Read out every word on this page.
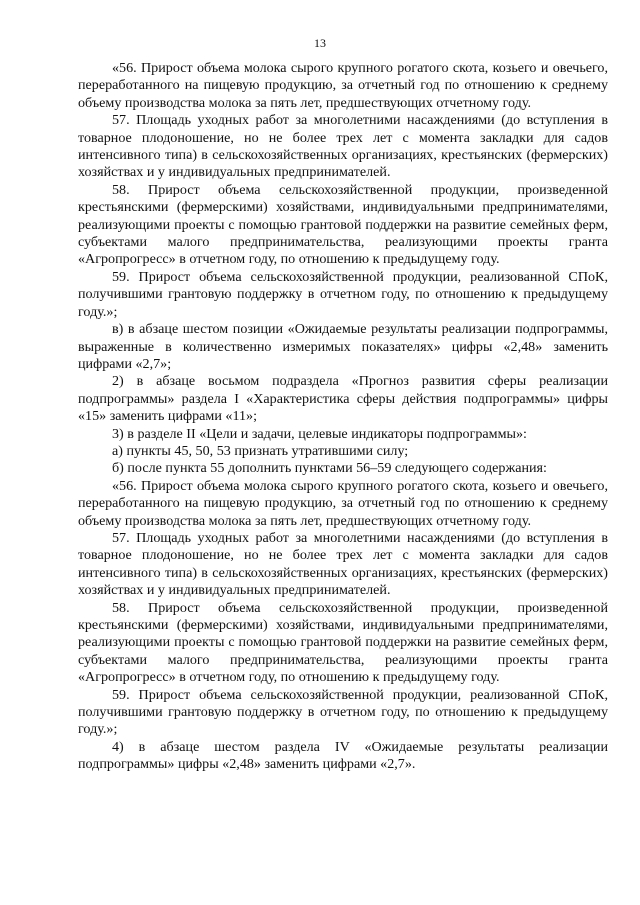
13

«56. Прирост объема молока сырого крупного рогатого скота, козьего и овечьего, переработанного на пищевую продукцию, за отчетный год по отношению к среднему объему производства молока за пять лет, предшествующих отчетному году.

57. Площадь уходных работ за многолетними насаждениями (до вступления в товарное плодоношение, но не более трех лет с момента закладки для садов интенсивного типа) в сельскохозяйственных организациях, крестьянских (фермерских) хозяйствах и у индивидуальных предпринимателей.

58. Прирост объема сельскохозяйственной продукции, произведенной крестьянскими (фермерскими) хозяйствами, индивидуальными предпринимателями, реализующими проекты с помощью грантовой поддержки на развитие семейных ферм, субъектами малого предпринимательства, реализующими проекты гранта «Агропрогресс» в отчетном году, по отношению к предыдущему году.

59. Прирост объема сельскохозяйственной продукции, реализованной СПоК, получившими грантовую поддержку в отчетном году, по отношению к предыдущему году.»;

в) в абзаце шестом позиции «Ожидаемые результаты реализации подпрограммы, выраженные в количественно измеримых показателях» цифры «2,48» заменить цифрами «2,7»;

2) в абзаце восьмом подраздела «Прогноз развития сферы реализации подпрограммы» раздела I «Характеристика сферы действия подпрограммы» цифры «15» заменить цифрами «11»;

3) в разделе II «Цели и задачи, целевые индикаторы подпрограммы»:

а) пункты 45, 50, 53 признать утратившими силу;

б) после пункта 55 дополнить пунктами 56–59 следующего содержания:

«56. Прирост объема молока сырого крупного рогатого скота, козьего и овечьего, переработанного на пищевую продукцию, за отчетный год по отношению к среднему объему производства молока за пять лет, предшествующих отчетному году.

57. Площадь уходных работ за многолетними насаждениями (до вступления в товарное плодоношение, но не более трех лет с момента закладки для садов интенсивного типа) в сельскохозяйственных организациях, крестьянских (фермерских) хозяйствах и у индивидуальных предпринимателей.

58. Прирост объема сельскохозяйственной продукции, произведенной крестьянскими (фермерскими) хозяйствами, индивидуальными предпринимателями, реализующими проекты с помощью грантовой поддержки на развитие семейных ферм, субъектами малого предпринимательства, реализующими проекты гранта «Агропрогресс» в отчетном году, по отношению к предыдущему году.

59. Прирост объема сельскохозяйственной продукции, реализованной СПоК, получившими грантовую поддержку в отчетном году, по отношению к предыдущему году.»;

4) в абзаце шестом раздела IV «Ожидаемые результаты реализации подпрограммы» цифры «2,48» заменить цифрами «2,7».
